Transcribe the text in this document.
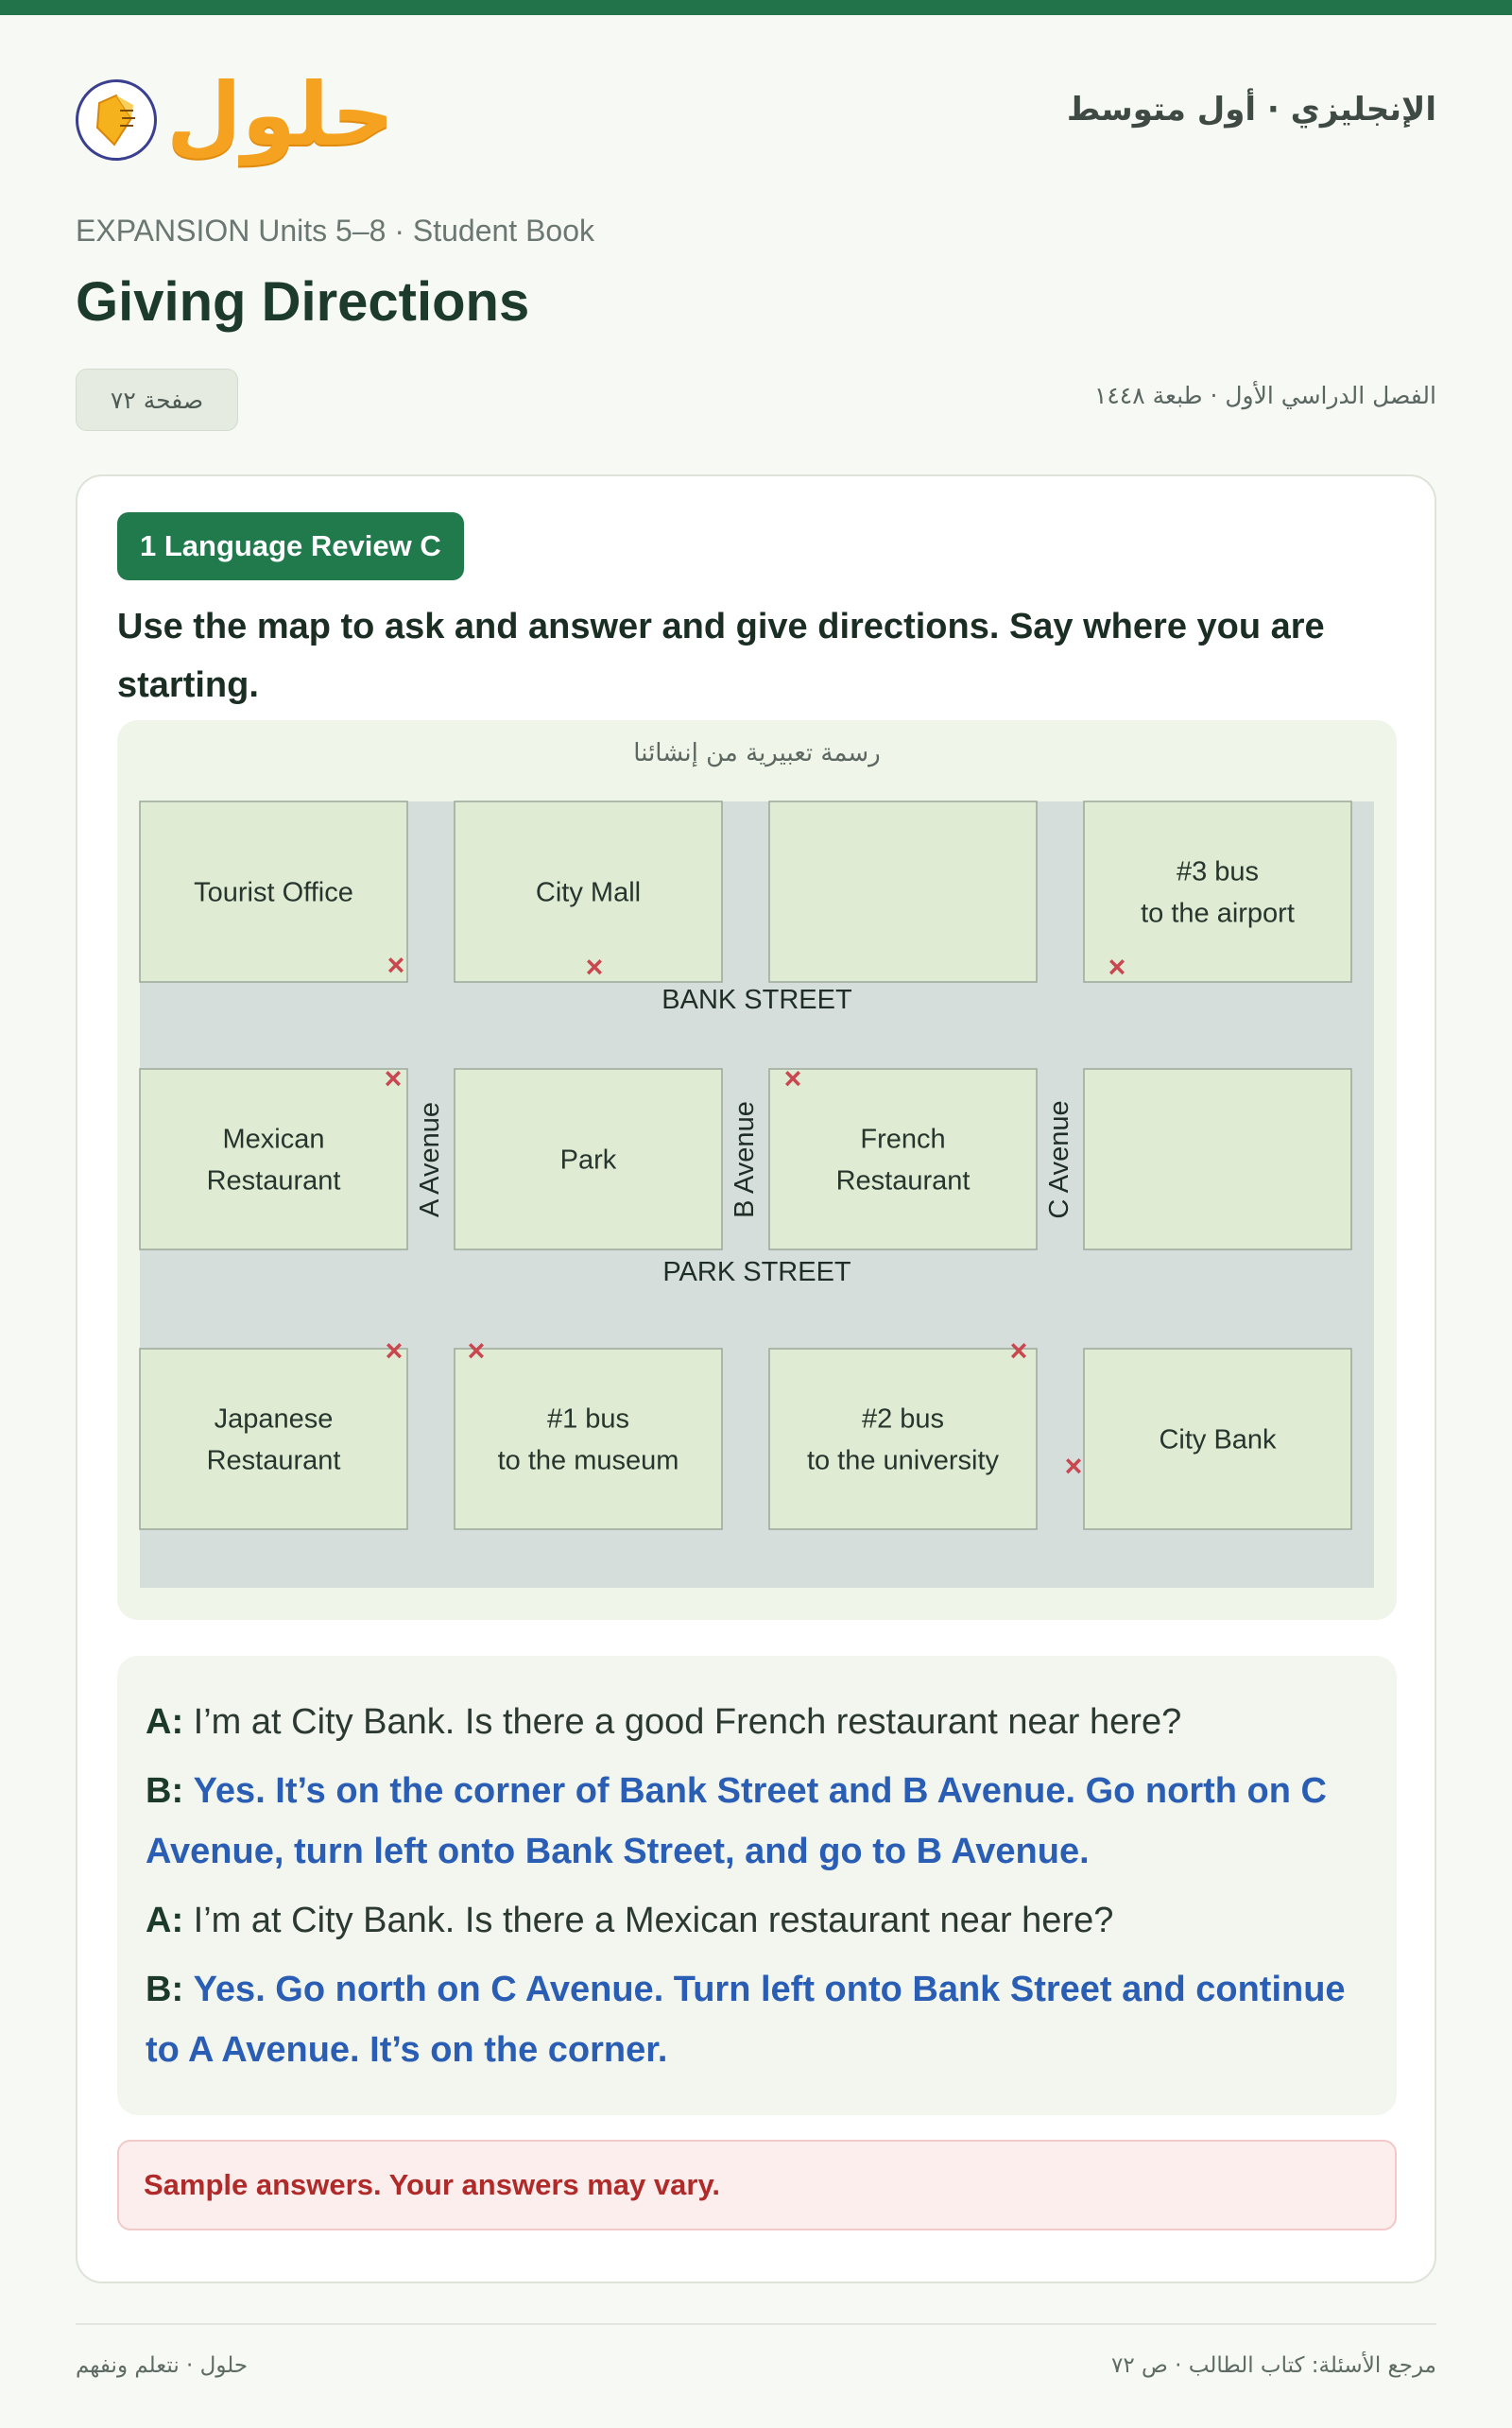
حلول	الإنجليزي · أول متوسط
EXPANSION Units 5–8 · Student Book
Giving Directions
صفحة ٧٢	الفصل الدراسي الأول · طبعة ١٤٤٨
1 Language Review C

Use the map to ask and answer and give directions. Say where you are starting.

رسمة تعبيرية من إنشائنا
Tourist Office	City Mall
#3 bus
to the airport
Mexican
Restaurant
Park
French
Restaurant
Japanese
Restaurant
#1 bus
to the museum
#2 bus
to the university
City Bank
BANK STREET
PARK STREET
A Avenue	B Avenue	C Avenue
×	×	×
×	×
× ×	×
×

A: I’m at City Bank. Is there a good French restaurant near here?

B: Yes. It’s on the corner of Bank Street and B Avenue. Go north on C Avenue, turn left onto Bank Street, and go to B Avenue.

A: I’m at City Bank. Is there a Mexican restaurant near here?

B: Yes. Go north on C Avenue. Turn left onto Bank Street and continue to A Avenue. It’s on the corner.

Sample answers. Your answers may vary.
حلول · نتعلم ونفهم	مرجع الأسئلة: كتاب الطالب · ص ٧٢
